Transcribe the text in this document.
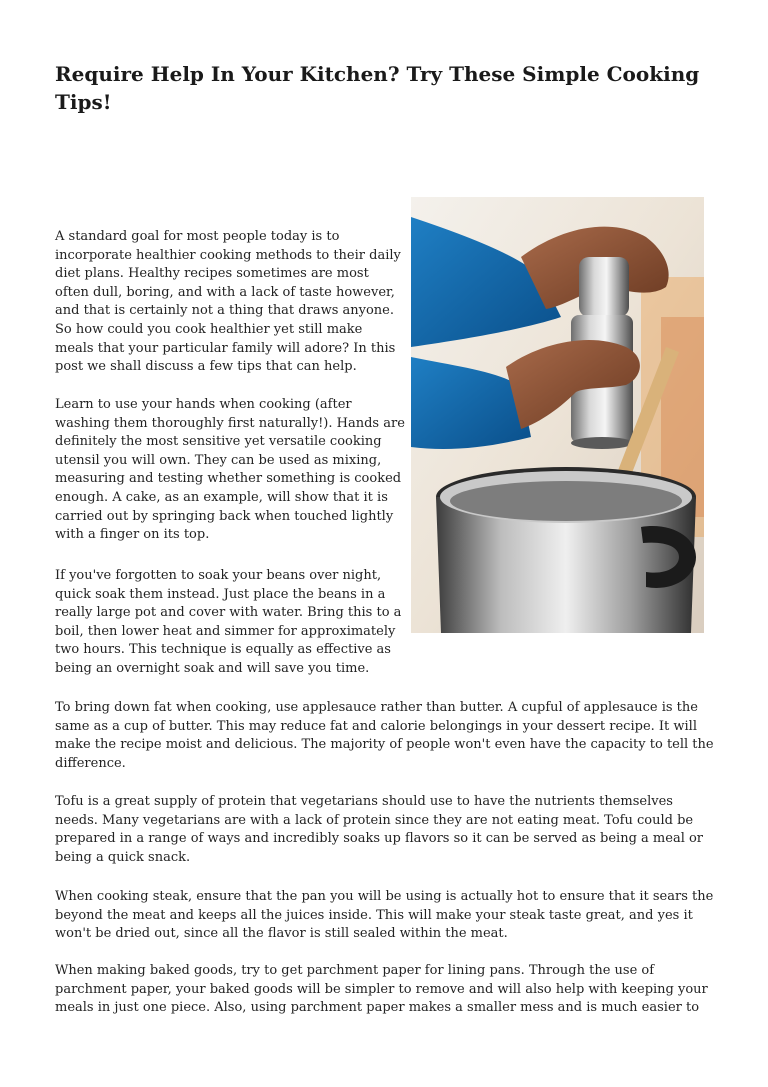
Require Help In Your Kitchen? Try These Simple Cooking Tips!

A standard goal for most people today is to incorporate healthier cooking methods to their daily diet plans. Healthy recipes sometimes are most often dull, boring, and with a lack of taste however, and that is certainly not a thing that draws anyone. So how could you cook healthier yet still make meals that your particular family will adore? In this post we shall discuss a few tips that can help.

Learn to use your hands when cooking (after washing them thoroughly first naturally!). Hands are definitely the most sensitive yet versatile cooking utensil you will own. They can be used as mixing, measuring and testing whether something is cooked enough. A cake, as an example, will show that it is carried out by springing back when touched lightly with a finger on its top.

If you've forgotten to soak your beans over night, quick soak them instead. Just place the beans in a really large pot and cover with water. Bring this to a boil, then lower heat and simmer for approximately two hours. This technique is equally as effective as being an overnight soak and will save you time.

To bring down fat when cooking, use applesauce rather than butter. A cupful of applesauce is the same as a cup of butter. This may reduce fat and calorie belongings in your dessert recipe. It will make the recipe moist and delicious. The majority of people won't even have the capacity to tell the difference.

Tofu is a great supply of protein that vegetarians should use to have the nutrients themselves needs. Many vegetarians are with a lack of protein since they are not eating meat. Tofu could be prepared in a range of ways and incredibly soaks up flavors so it can be served as being a meal or being a quick snack.

When cooking steak, ensure that the pan you will be using is actually hot to ensure that it sears the beyond the meat and keeps all the juices inside. This will make your steak taste great, and yes it won't be dried out, since all the flavor is still sealed within the meat.

When making baked goods, try to get parchment paper for lining pans. Through the use of parchment paper, your baked goods will be simpler to remove and will also help with keeping your meals in just one piece. Also, using parchment paper makes a smaller mess and is much easier to
